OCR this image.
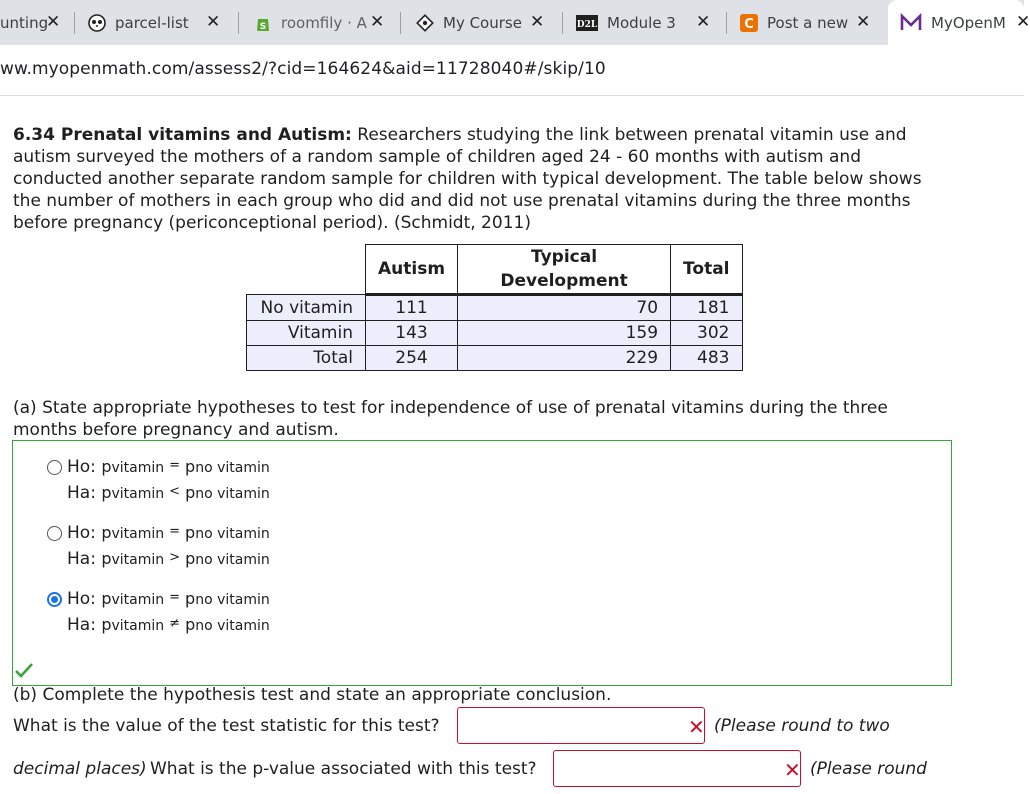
unting
✕	parcel-list	✕	S roomfily · A ✕	My Course ✕	D2L Module 3	✕	C Post a new ✕	MyOpenM ✕
ww.myopenmath.com/assess2/?cid=164624&aid=11728040#/skip/10
6.34 Prenatal vitamins and Autism: Researchers studying the link between prenatal vitamin use and autism surveyed the mothers of a random sample of children aged 24 - 60 months with autism and conducted another separate random sample for children with typical development. The table below shows the number of mothers in each group who did and did not use prenatal vitamins during the three months before pregnancy (periconceptional period). (Schmidt, 2011)
	Autism	Typical Development	Total
No vitamin	111	70	181
Vitamin	143	159	302
Total	254	229	483
(a) State appropriate hypotheses to test for independence of use of prenatal vitamins during the three months before pregnancy and autism.
Ho: pvitamin = pno vitamin
Ha: pvitamin < pno vitamin
Ho: pvitamin = pno vitamin
Ha: pvitamin > pno vitamin
Ho: pvitamin = pno vitamin
Ha: pvitamin ≠ pno vitamin
(b) Complete the hypothesis test and state an appropriate conclusion.
What is the value of the test statistic for this test?	✕ (Please round to two
decimal places) What is the p-value associated with this test?	✕ (Please round
